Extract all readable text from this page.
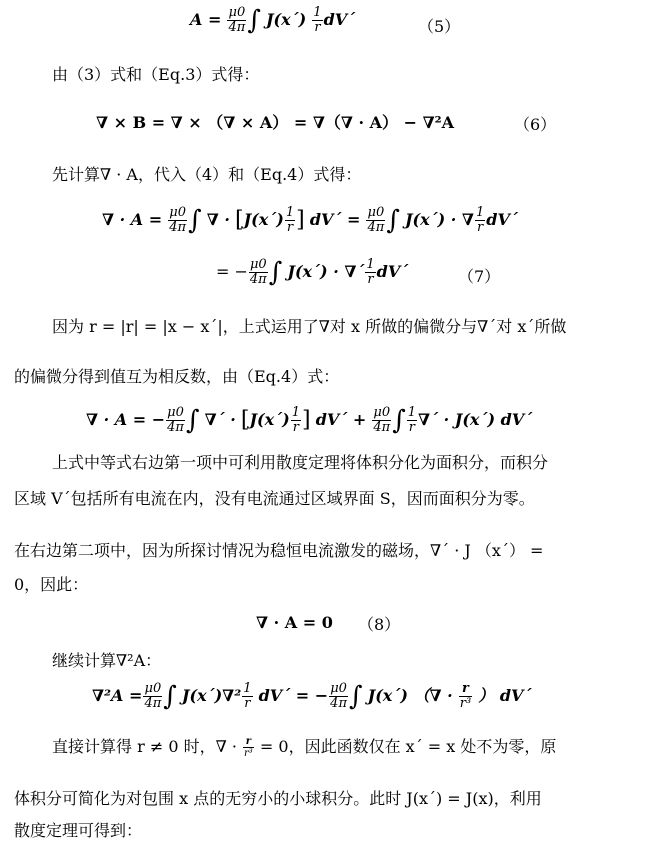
$A = \frac{\mu 0}{4\pi}$ ∫ J(x´) $\frac{1}{r}$ dV´	（5）
由（3）式和（Eq.3）式得：
∇ × B = ∇ × （∇ × A） = ∇（∇ · A） − ∇²A	（6）
先计算∇ · A，代入（4）和（Eq.4）式得：
∇ · $A = \frac{\mu 0}{4\pi}$ ∫ ∇ · [J(x´) $\frac{1}{r}$ ] dV´ = $\frac{\mu 0}{4\pi}$ ∫ J(x´) · ∇ $\frac{1}{r}$ dV´
= − $\frac{\mu 0}{4\pi}$ ∫ J(x´) · ∇´ $\frac{1}{r}$ dV´	（7）
因为 r = |r| = |x − x´|，上式运用了∇对 x 所做的偏微分与∇´对 x´所做
的偏微分得到值互为相反数，由（Eq.4）式：
∇ · A = − $\frac{\mu 0}{4\pi}$ ∫ ∇´ · [J(x´) $\frac{1}{r}$ ] dV´ + $\frac{\mu 0}{4\pi}$ ∫ $\frac{1}{r}$ ∇´ · J(x´) dV´
上式中等式右边第一项中可利用散度定理将体积分化为面积分，而积分
区域 V´包括所有电流在内，没有电流通过区域界面 S，因而面积分为零。
在右边第二项中，因为所探讨情况为稳恒电流激发的磁场，∇´ · J （x´） =
0，因此：
∇ · A = 0	（8）
继续计算∇²A：
$\nabla^2A = \frac{\mu 0}{4\pi}$ ∫ J(x´)∇² $\frac{1}{r}$ dV´ = − $\frac{\mu 0}{4\pi}$ ∫ J(x´) （∇ · $\frac{r}{\text{r³}}$ ） dV´
直接计算得 r ≠ 0 时，∇ · $\frac{r}{\text{r³}} = 0$，因此函数仅在 x´ = x 处不为零，原
体积分可简化为对包围 x 点的无穷小的小球积分。此时 J(x´) = J(x)，利用
散度定理可得到：
